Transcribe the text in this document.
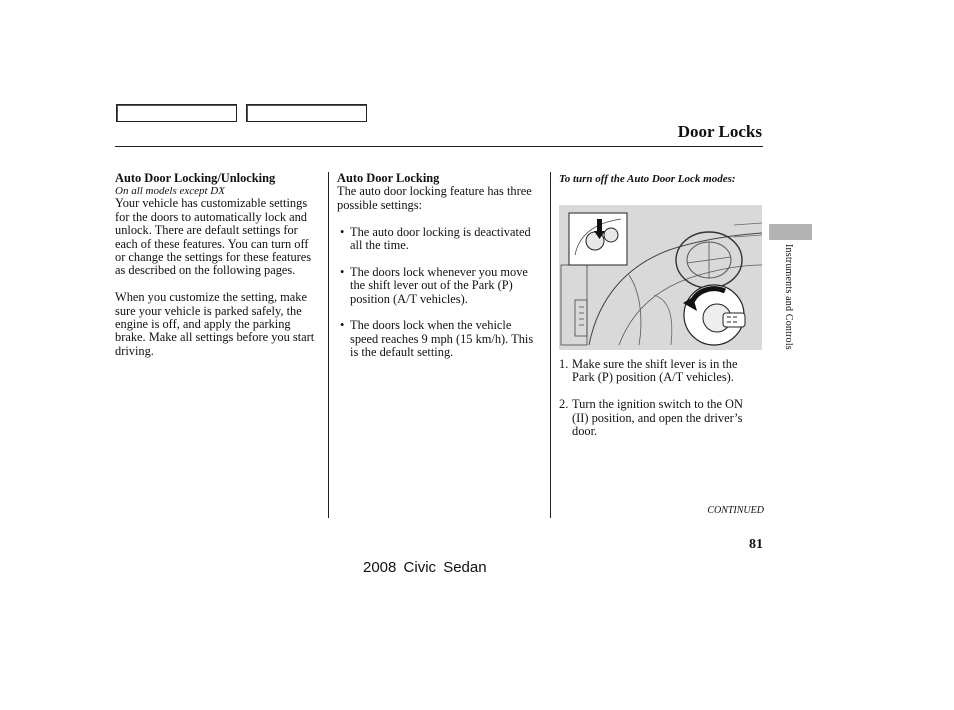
Door Locks
Auto Door Locking/Unlocking
On all models except DX

Your vehicle has customizable settings for the doors to automatically lock and unlock. There are default settings for each of these features. You can turn off or change the settings for these features as described on the following pages.

When you customize the setting, make sure your vehicle is parked safely, the engine is off, and apply the parking brake. Make all settings before you start driving.

Auto Door Locking

The auto door locking feature has three possible settings:

• The auto door locking is deactivated all the time.
• The doors lock whenever you move the shift lever out of the Park (P) position (A/T vehicles).
• The doors lock when the vehicle speed reaches 9 mph (15 km/h). This is the default setting.
To turn off the Auto Door Lock modes:
1. Make sure the shift lever is in the Park (P) position (A/T vehicles).
2. Turn the ignition switch to the ON (II) position, and open the driver’s door.
Instruments and Controls
CONTINUED
81
2008 Civic Sedan
